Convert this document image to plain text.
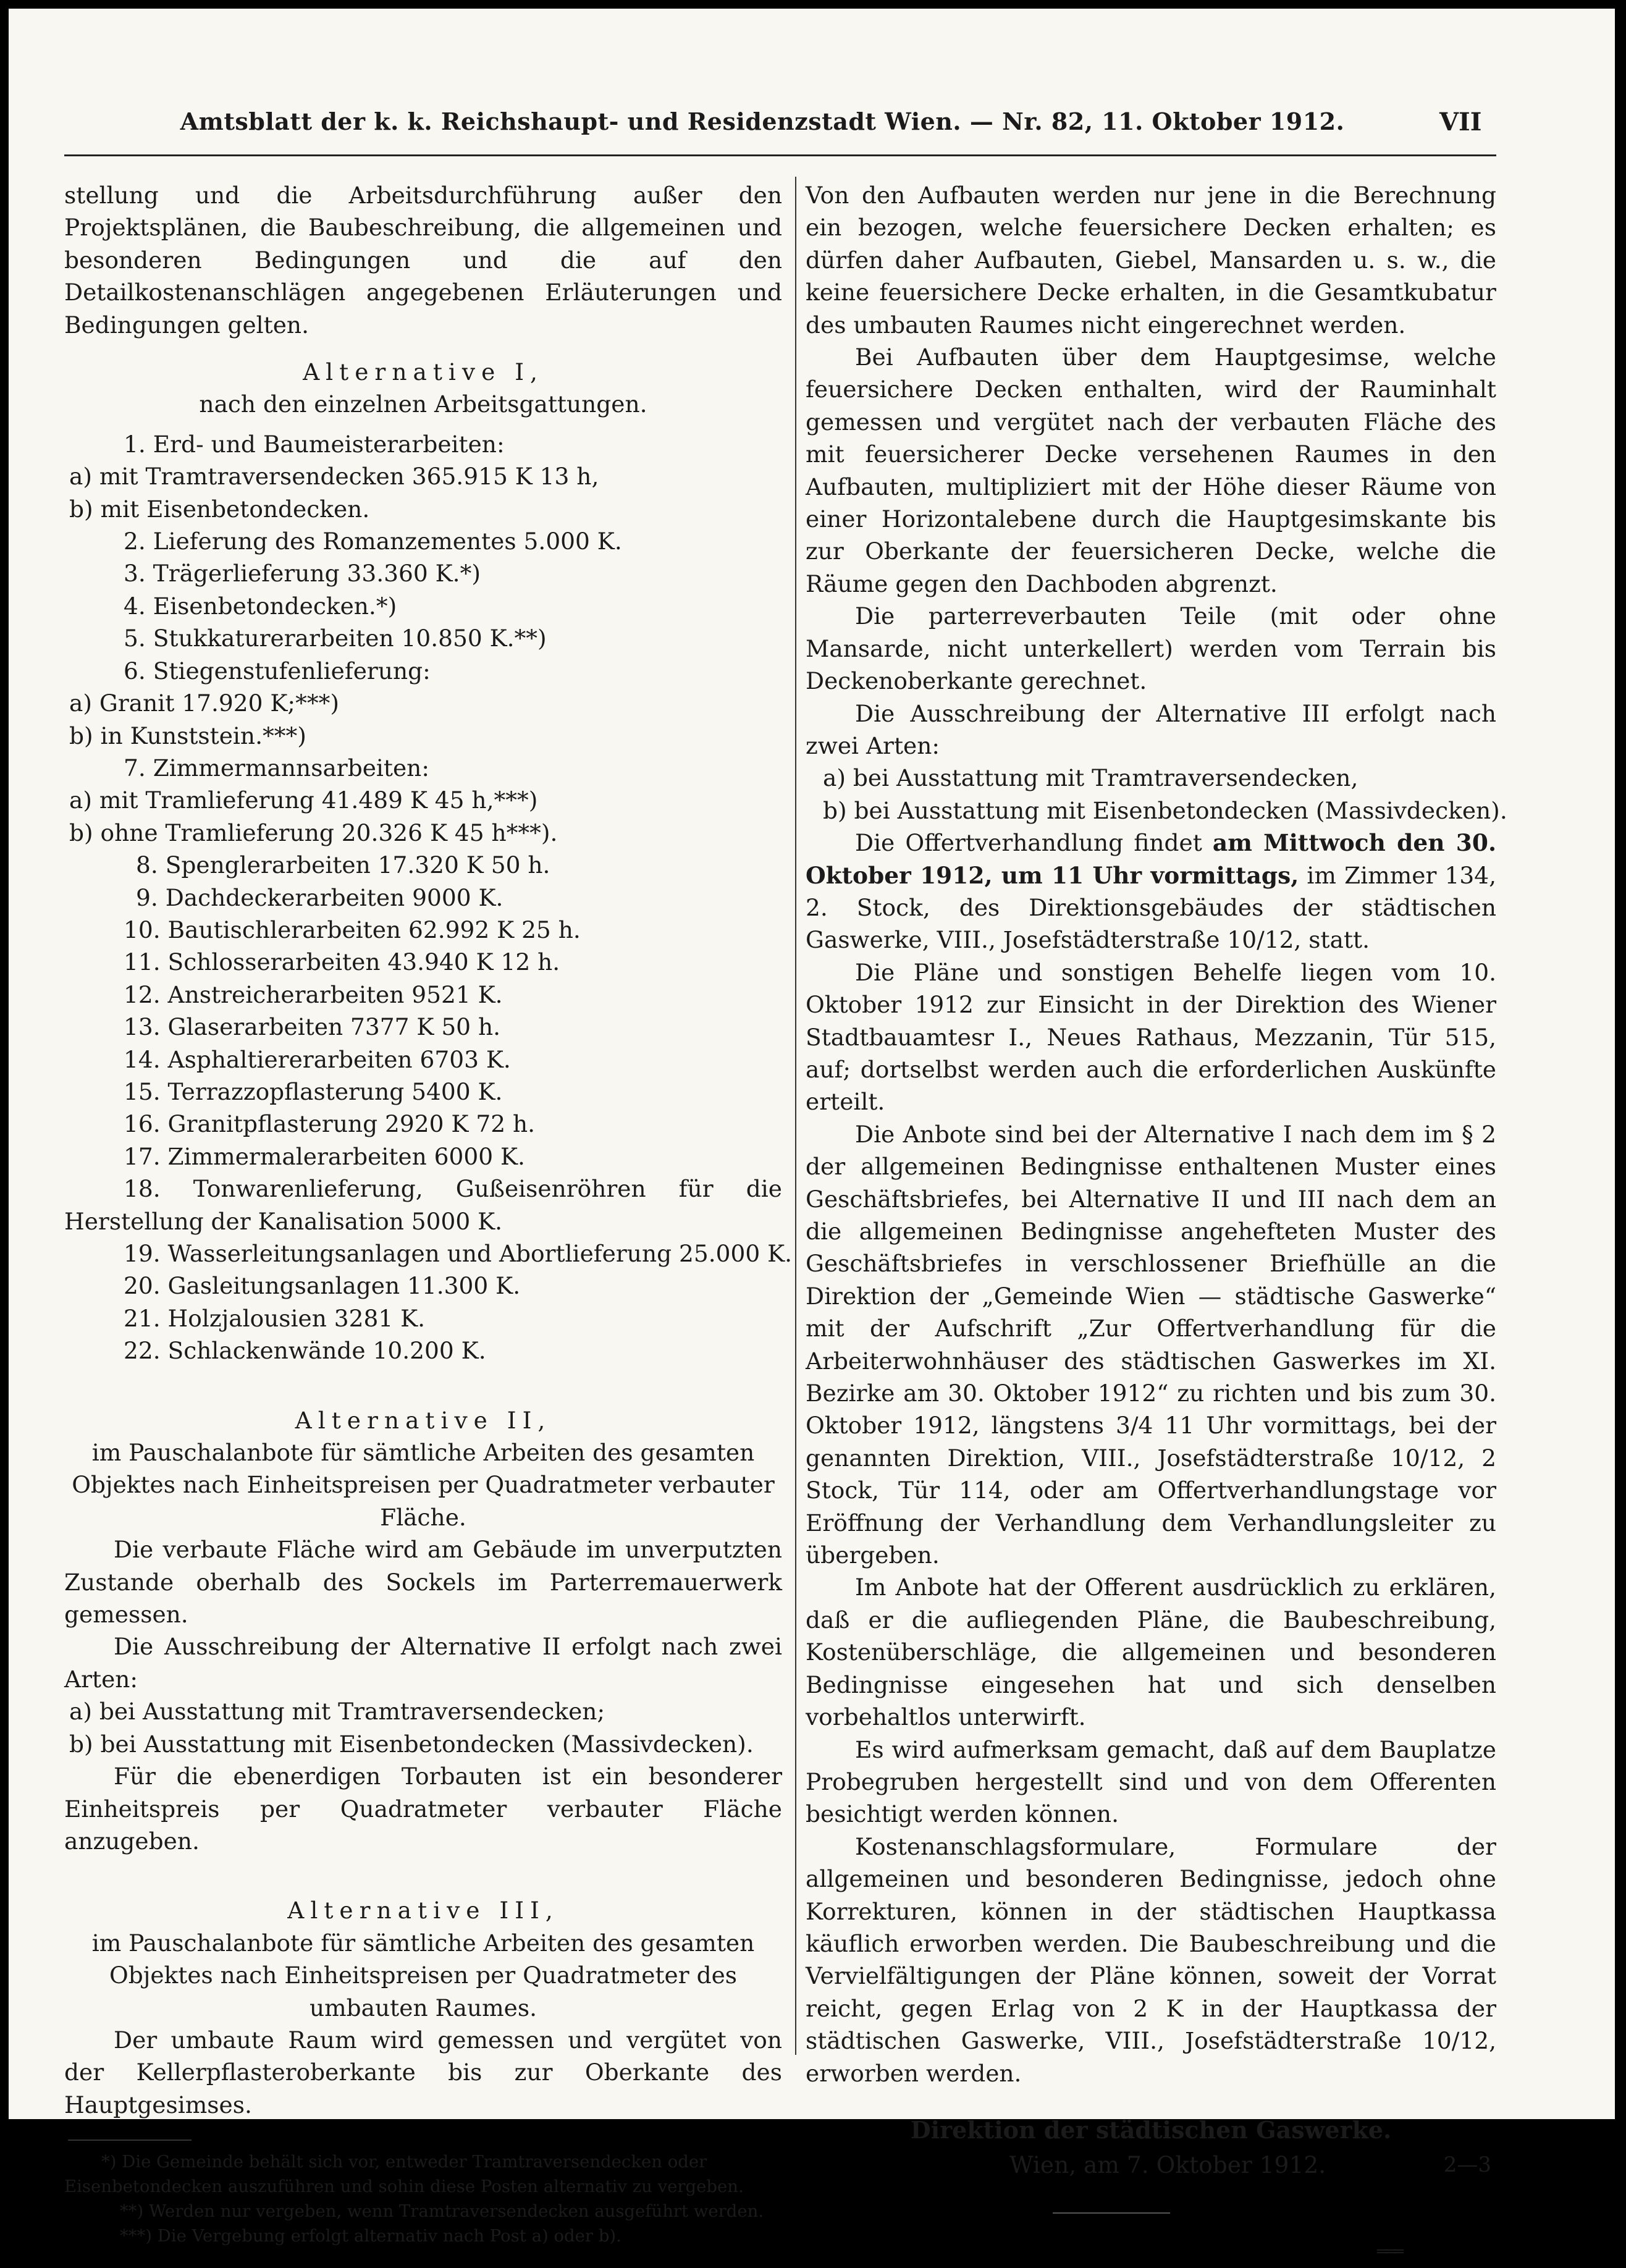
Amtsblatt der k. k. Reichshaupt- und Residenzstadt Wien. — Nr. 82, 11. Oktober 1912.	VII

stellung und die Arbeitsdurchführung außer den Projektsplänen, die Baubeschreibung, die allgemeinen und besonderen Bedingungen und die auf den Detailkostenanschlägen angegebenen Erläuterungen und Bedingungen gelten.

Alternative I,

nach den einzelnen Arbeitsgattungen.

1. Erd- und Baumeisterarbeiten:

a) mit Tramtraversendecken 365.915 K 13 h,

b) mit Eisenbetondecken.

2. Lieferung des Romanzementes 5.000 K.

3. Trägerlieferung 33.360 K.*)

4. Eisenbetondecken.*)

5. Stukkaturerarbeiten 10.850 K.**)

6. Stiegenstufenlieferung:

a) Granit 17.920 K;***)

b) in Kunststein.***)

7. Zimmermannsarbeiten:

a) mit Tramlieferung 41.489 K 45 h,***)

b) ohne Tramlieferung 20.326 K 45 h***).

8. Spenglerarbeiten 17.320 K 50 h.

9. Dachdeckerarbeiten 9000 K.

10. Bautischlerarbeiten 62.992 K 25 h.

11. Schlosserarbeiten 43.940 K 12 h.

12. Anstreicherarbeiten 9521 K.

13. Glaserarbeiten 7377 K 50 h.

14. Asphaltiererarbeiten 6703 K.

15. Terrazzopflasterung 5400 K.

16. Granitpflasterung 2920 K 72 h.

17. Zimmermalerarbeiten 6000 K.

18. Tonwarenlieferung, Gußeisenröhren für die Herstellung der Kanalisation 5000 K.

19. Wasserleitungsanlagen und Abortlieferung 25.000 K.

20. Gasleitungsanlagen 11.300 K.

21. Holzjalousien 3281 K.

22. Schlackenwände 10.200 K.

Alternative II,

im Pauschalanbote für sämtliche Arbeiten des gesamten Objektes nach Einheitspreisen per Quadratmeter verbauter Fläche.

Die verbaute Fläche wird am Gebäude im unverputzten Zustande oberhalb des Sockels im Parterremauerwerk gemessen.

Die Ausschreibung der Alternative II erfolgt nach zwei Arten:

a) bei Ausstattung mit Tramtraversendecken;

b) bei Ausstattung mit Eisenbetondecken (Massivdecken).

Für die ebenerdigen Torbauten ist ein besonderer Einheitspreis per Quadratmeter verbauter Fläche anzugeben.

Alternative III,

im Pauschalanbote für sämtliche Arbeiten des gesamten Objektes nach Einheitspreisen per Quadratmeter des umbauten Raumes.

Der umbaute Raum wird gemessen und vergütet von der Kellerpflasteroberkante bis zur Oberkante des Hauptgesimses.

*) Die Gemeinde behält sich vor, entweder Tramtraversendecken oder Eisenbetondecken auszuführen und sohin diese Posten alternativ zu vergeben.

**) Werden nur vergeben, wenn Tramtraversendecken ausgeführt werden.

***) Die Vergebung erfolgt alternativ nach Post a) oder b).

Von den Aufbauten werden nur jene in die Berechnung ein bezogen, welche feuersichere Decken erhalten; es dürfen daher Aufbauten, Giebel, Mansarden u. s. w., die keine feuersichere Decke erhalten, in die Gesamtkubatur des umbauten Raumes nicht eingerechnet werden.

Bei Aufbauten über dem Hauptgesimse, welche feuersichere Decken enthalten, wird der Rauminhalt gemessen und vergütet nach der verbauten Fläche des mit feuersicherer Decke versehenen Raumes in den Aufbauten, multipliziert mit der Höhe dieser Räume von einer Horizontalebene durch die Hauptgesimskante bis zur Oberkante der feuersicheren Decke, welche die Räume gegen den Dachboden abgrenzt.

Die parterreverbauten Teile (mit oder ohne Mansarde, nicht unterkellert) werden vom Terrain bis Deckenoberkante gerechnet.

Die Ausschreibung der Alternative III erfolgt nach zwei Arten:

a) bei Ausstattung mit Tramtraversendecken,

b) bei Ausstattung mit Eisenbetondecken (Massivdecken).

Die Offertverhandlung findet am Mittwoch den 30. Oktober 1912, um 11 Uhr vormittags, im Zimmer 134, 2. Stock, des Direktionsgebäudes der städtischen Gaswerke, VIII., Josefstädterstraße 10/12, statt.

Die Pläne und sonstigen Behelfe liegen vom 10. Oktober 1912 zur Einsicht in der Direktion des Wiener Stadtbauamtesr I., Neues Rathaus, Mezzanin, Tür 515, auf; dortselbst werden auch die erforderlichen Auskünfte erteilt.

Die Anbote sind bei der Alternative I nach dem im § 2 der allgemeinen Bedingnisse enthaltenen Muster eines Geschäftsbriefes, bei Alternative II und III nach dem an die allgemeinen Bedingnisse angehefteten Muster des Geschäftsbriefes in verschlossener Briefhülle an die Direktion der „Gemeinde Wien — städtische Gaswerke“ mit der Aufschrift „Zur Offertverhandlung für die Arbeiterwohnhäuser des städtischen Gaswerkes im XI. Bezirke am 30. Oktober 1912“ zu richten und bis zum 30. Oktober 1912, längstens 3/4 11 Uhr vormittags, bei der genannten Direktion, VIII., Josefstädterstraße 10/12, 2 Stock, Tür 114, oder am Offertverhandlungstage vor Eröffnung der Verhandlung dem Verhandlungsleiter zu übergeben.

Im Anbote hat der Offerent ausdrücklich zu erklären, daß er die aufliegenden Pläne, die Baubeschreibung, Kostenüberschläge, die allgemeinen und besonderen Bedingnisse eingesehen hat und sich denselben vorbehaltlos unterwirft.

Es wird aufmerksam gemacht, daß auf dem Bauplatze Probegruben hergestellt sind und von dem Offerenten besichtigt werden können.

Kostenanschlagsformulare, Formulare der allgemeinen und besonderen Bedingnisse, jedoch ohne Korrekturen, können in der städtischen Hauptkassa käuflich erworben werden. Die Baubeschreibung und die Vervielfältigungen der Pläne können, soweit der Vorrat reicht, gegen Erlag von 2 K in der Hauptkassa der städtischen Gaswerke, VIII., Josefstädterstraße 10/12, erworben werden.

Direktion der städtischen Gaswerke.

Wien, am 7. Oktober 1912.	2—3
═══
